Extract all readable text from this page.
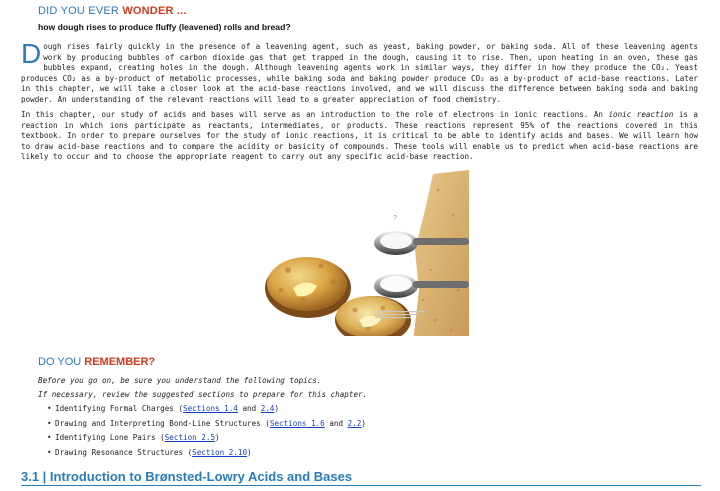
DID YOU EVER WONDER ...
how dough rises to produce fluffy (leavened) rolls and bread?

Dough rises fairly quickly in the presence of a leavening agent, such as yeast, baking powder, or baking soda. All of these leavening agents work by producing bubbles of carbon dioxide gas that get trapped in the dough, causing it to rise. Then, upon heating in an oven, these gas bubbles expand, creating holes in the dough. Although leavening agents work in similar ways, they differ in how they produce the CO₂. Yeast produces CO₂ as a by-product of metabolic processes, while baking soda and baking powder produce CO₂ as a by-product of acid-base reactions. Later in this chapter, we will take a closer look at the acid-base reactions involved, and we will discuss the difference between baking soda and baking powder. An understanding of the relevant reactions will lead to a greater appreciation of food chemistry.

In this chapter, our study of acids and bases will serve as an introduction to the role of electrons in ionic reactions. An ionic reaction is a reaction in which ions participate as reactants, intermediates, or products. These reactions represent 95% of the reactions covered in this textbook. In order to prepare ourselves for the study of ionic reactions, it is critical to be able to identify acids and bases. We will learn how to draw acid-base reactions and to compare the acidity or basicity of compounds. These tools will enable us to predict when acid-base reactions are likely to occur and to choose the appropriate reagent to carry out any specific acid-base reaction.

?
DO YOU REMEMBER?

Before you go on, be sure you understand the following topics.
If necessary, review the suggested sections to prepare for this chapter.

• Identifying Formal Charges (Sections 1.4 and 2.4)
• Drawing and Interpreting Bond-Line Structures (Sections 1.6 and 2.2)
• Identifying Lone Pairs (Section 2.5)
• Drawing Resonance Structures (Section 2.10)
3.1 | Introduction to Brønsted-Lowry Acids and Bases
